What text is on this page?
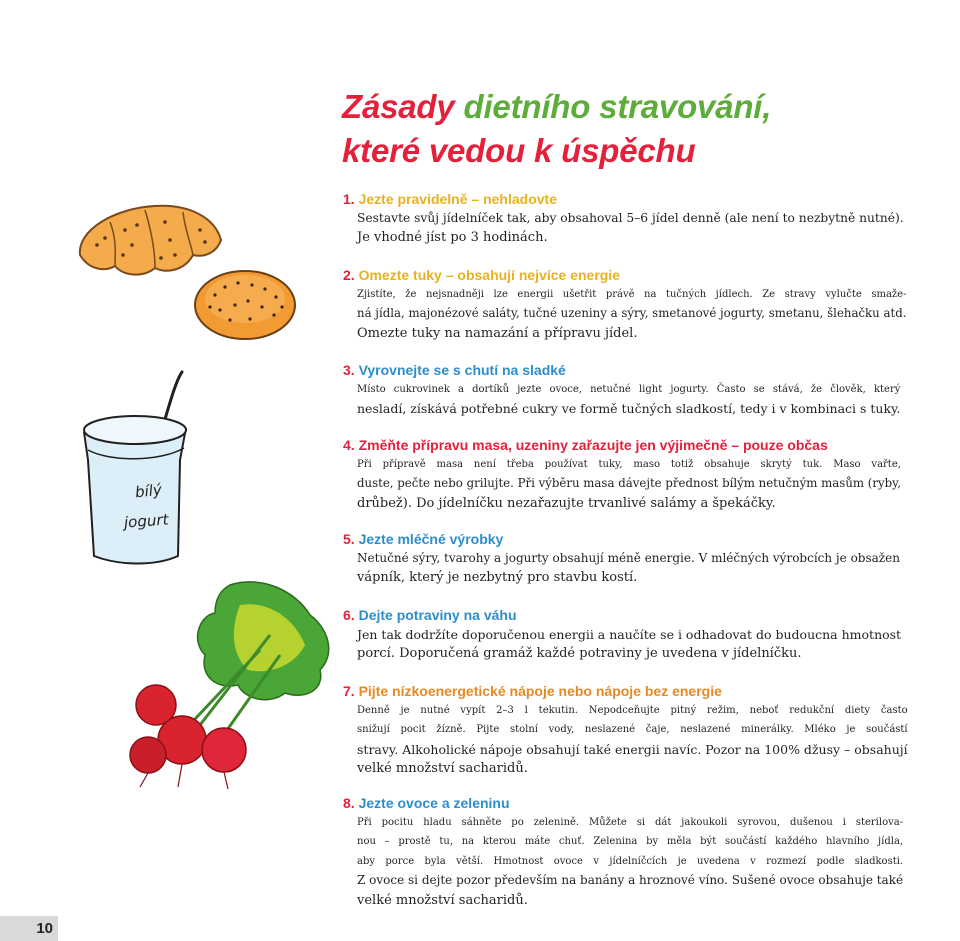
Zásady dietního stravování,
které vedou k úspěchu
bílý
jogurt
1. Jezte pravidelně – nehladovte
Sestavte svůj jídelníček tak, aby obsahoval 5–6 jídel denně (ale není to nezbytně nutné).
Je vhodné jíst po 3 hodinách.
2. Omezte tuky – obsahují nejvíce energie
Zjistíte, že nejsnadněji lze energii ušetřit právě na tučných jídlech. Ze stravy vylučte smaže-
ná jídla, majonézové saláty, tučné uzeniny a sýry, smetanové jogurty, smetanu, šlehačku atd.
Omezte tuky na namazání a přípravu jídel.
3. Vyrovnejte se s chutí na sladké
Místo cukrovinek a dortíků jezte ovoce, netučné light jogurty. Často se stává, že člověk, který
nesladí, získává potřebné cukry ve formě tučných sladkostí, tedy i v kombinaci s tuky.
4. Změňte přípravu masa, uzeniny zařazujte jen výjimečně – pouze občas
Při přípravě masa není třeba používat tuky, maso totiž obsahuje skrytý tuk. Maso vařte,
duste, pečte nebo grilujte. Při výběru masa dávejte přednost bílým netučným masům (ryby,
drůbež). Do jídelníčku nezařazujte trvanlivé salámy a špekáčky.
5. Jezte mléčné výrobky
Netučné sýry, tvarohy a jogurty obsahují méně energie. V mléčných výrobcích je obsažen
vápník, který je nezbytný pro stavbu kostí.
6. Dejte potraviny na váhu
Jen tak dodržíte doporučenou energii a naučíte se i odhadovat do budoucna hmotnost
porcí. Doporučená gramáž každé potraviny je uvedena v jídelníčku.
7. Pijte nízkoenergetické nápoje nebo nápoje bez energie
Denně je nutné vypít 2–3 l tekutin. Nepodceňujte pitný režim, neboť redukční diety často
snižují pocit žízně. Pijte stolní vody, neslazené čaje, neslazené minerálky. Mléko je součástí
stravy. Alkoholické nápoje obsahují také energii navíc. Pozor na 100% džusy – obsahují
velké množství sacharidů.
8. Jezte ovoce a zeleninu
Při pocitu hladu sáhněte po zelenině. Můžete si dát jakoukoli syrovou, dušenou i sterilova-
nou – prostě tu, na kterou máte chuť. Zelenina by měla být součástí každého hlavního jídla,
aby porce byla větší. Hmotnost ovoce v jídelníčcích je uvedena v rozmezí podle sladkosti.
Z ovoce si dejte pozor především na banány a hroznové víno. Sušené ovoce obsahuje také
velké množství sacharidů.
10
